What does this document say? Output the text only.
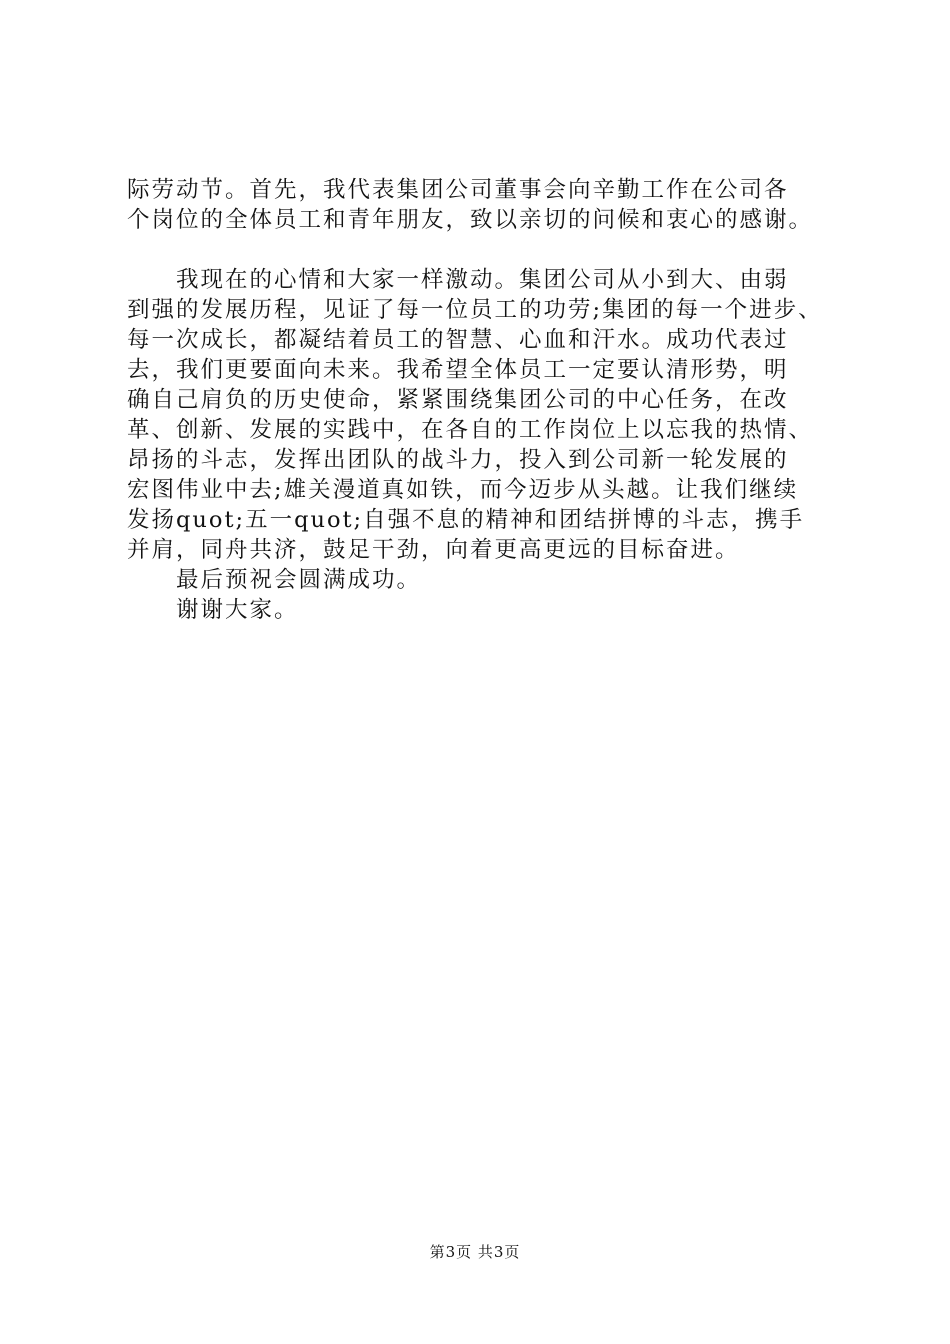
际劳动节。首先，我代表集团公司董事会向辛勤工作在公司各
个岗位的全体员工和青年朋友，致以亲切的问候和衷心的感谢。
　　我现在的心情和大家一样激动。集团公司从小到大、由弱
到强的发展历程，见证了每一位员工的功劳;集团的每一个进步、
每一次成长，都凝结着员工的智慧、心血和汗水。成功代表过
去，我们更要面向未来。我希望全体员工一定要认清形势，明
确自己肩负的历史使命，紧紧围绕集团公司的中心任务，在改
革、创新、发展的实践中，在各自的工作岗位上以忘我的热情、
昂扬的斗志，发挥出团队的战斗力，投入到公司新一轮发展的
宏图伟业中去;雄关漫道真如铁，而今迈步从头越。让我们继续
发扬quot;五一quot;自强不息的精神和团结拼博的斗志，携手
并肩，同舟共济，鼓足干劲，向着更高更远的目标奋进。
　　最后预祝会圆满成功。
　　谢谢大家。
第3页 共3页
